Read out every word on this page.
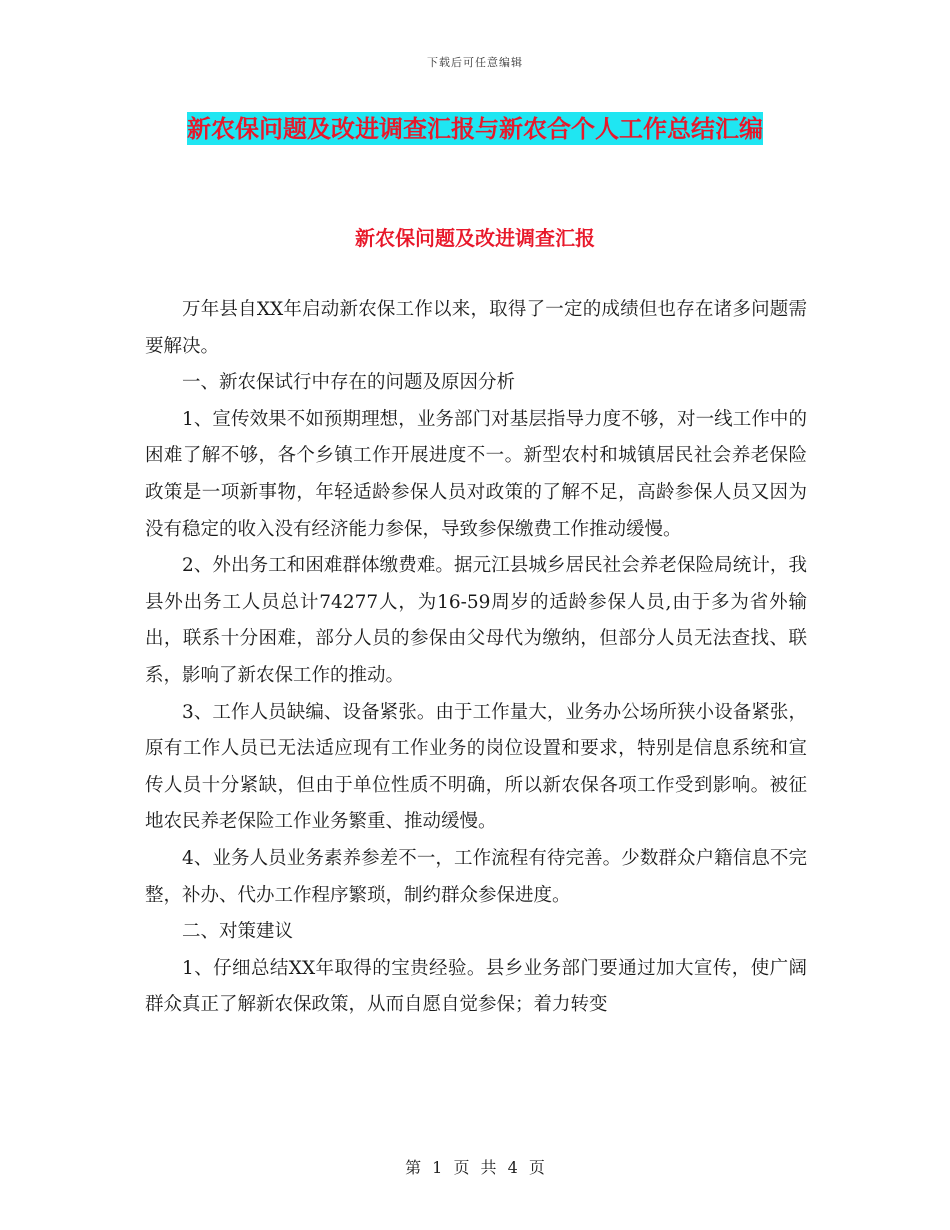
下载后可任意编辑
新农保问题及改进调查汇报与新农合个人工作总结汇编
新农保问题及改进调查汇报

万年县自XX年启动新农保工作以来，取得了一定的成绩但也存在诸多问题需要解决。

一、新农保试行中存在的问题及原因分析

1、宣传效果不如预期理想，业务部门对基层指导力度不够，对一线工作中的困难了解不够，各个乡镇工作开展进度不一。新型农村和城镇居民社会养老保险政策是一项新事物，年轻适龄参保人员对政策的了解不足，高龄参保人员又因为没有稳定的收入没有经济能力参保，导致参保缴费工作推动缓慢。

2、外出务工和困难群体缴费难。据元江县城乡居民社会养老保险局统计，我县外出务工人员总计74277人，为16-59周岁的适龄参保人员,由于多为省外输出，联系十分困难，部分人员的参保由父母代为缴纳，但部分人员无法查找、联系，影响了新农保工作的推动。

3、工作人员缺编、设备紧张。由于工作量大，业务办公场所狭小设备紧张，原有工作人员已无法适应现有工作业务的岗位设置和要求，特别是信息系统和宣传人员十分紧缺，但由于单位性质不明确，所以新农保各项工作受到影响。被征地农民养老保险工作业务繁重、推动缓慢。

4、业务人员业务素养参差不一，工作流程有待完善。少数群众户籍信息不完整，补办、代办工作程序繁琐，制约群众参保进度。

二、对策建议

1、仔细总结XX年取得的宝贵经验。县乡业务部门要通过加大宣传，使广阔群众真正了解新农保政策，从而自愿自觉参保；着力转变

第 1 页 共 4 页
